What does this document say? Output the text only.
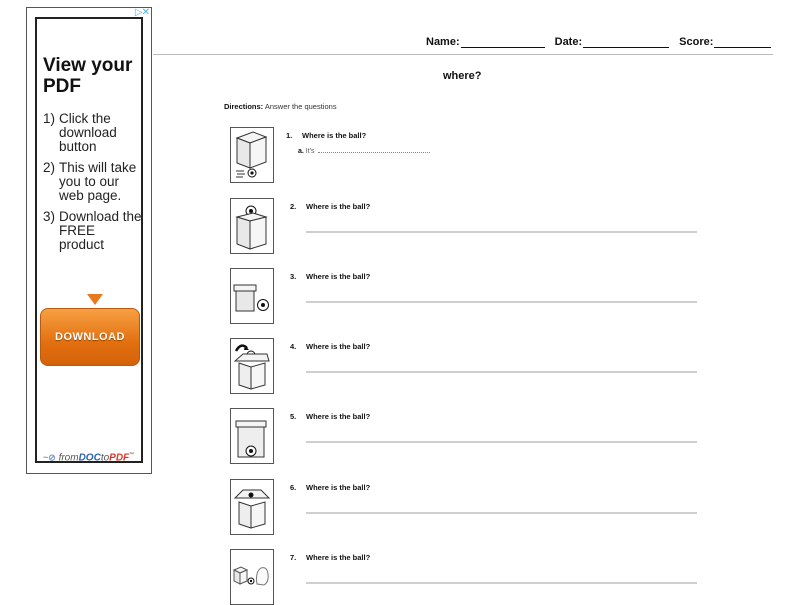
▷✕
View your
PDF
1) Click the download button
2) This will take you to our web page.
3) Download the FREE product
DOWNLOAD
~⊘ fromDOCtoPDF™
Name:	Date:	Score:
where?
Directions: Answer the questions
1. Where is the ball?
a. It's
2. Where is the ball?
3. Where is the ball?
4. Where is the ball?
5. Where is the ball?
6. Where is the ball?
7. Where is the ball?
